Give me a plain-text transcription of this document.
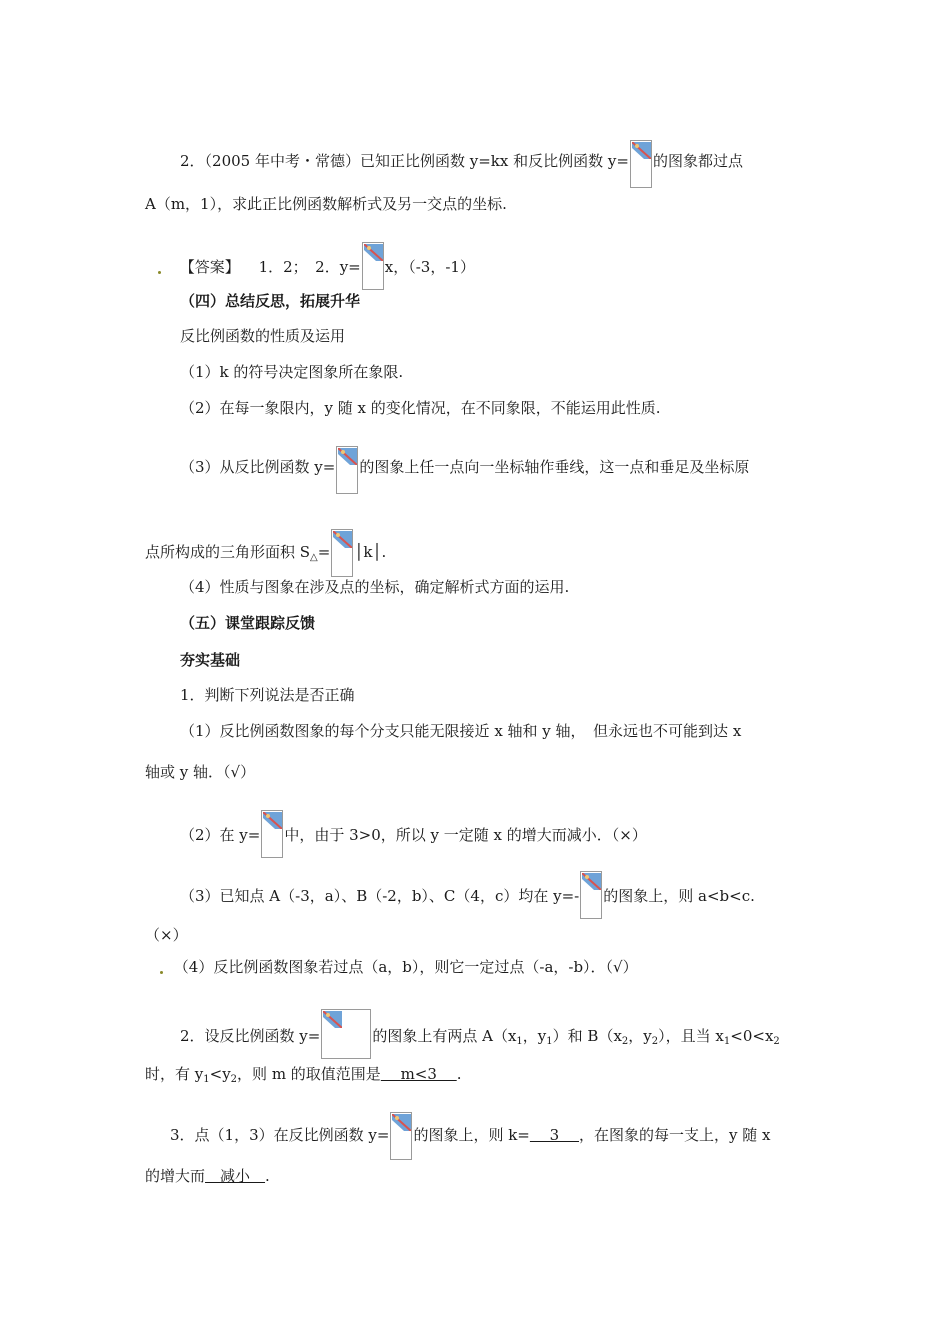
2．（2005 年中考・常德）已知正比例函数 y=kx 和反比例函数 y= 的图象都过点
A（m，1），求此正比例函数解析式及另一交点的坐标.
【答案】 1．2；　2．y= x，（-3，-1）
（四）总结反思，拓展升华
反比例函数的性质及运用
（1）k 的符号决定图象所在象限.
（2）在每一象限内，y 随 x 的变化情况，在不同象限，不能运用此性质.
（3）从反比例函数 y= 的图象上任一点向一坐标轴作垂线，这一点和垂足及坐标原
点所构成的三角形面积 $S_\triangle=$ │k│.
（4）性质与图象在涉及点的坐标，确定解析式方面的运用.
（五）课堂跟踪反馈
夯实基础
1．判断下列说法是否正确
（1）反比例函数图象的每个分支只能无限接近 x 轴和 y 轴，　但永远也不可能到达 x
轴或 y 轴．（√）
（2）在 y= 中，由于 3>0，所以 y 一定随 x 的增大而减小．（×）
（3）已知点 A（-3，a）、B（-2，b）、C（4，c）均在 y=- 的图象上，则 a<b<c.
（×）
（4）反比例函数图象若过点（a，b），则它一定过点（-a，-b）．（√）
2．设反比例函数 y=	的图象上有两点 $A(x_1$，$y_1$）和 $B(x_2$，$y_2$），且当 $x_1<0<x_2$
时，有 $y_1<y_2$，则 m 的取值范围是　 m<3　 .
3．点（1，3）在反比例函数 y= 的图象上，则 k=　 3　 ，在图象的每一支上，y 随 x
的增大而　减小　.
